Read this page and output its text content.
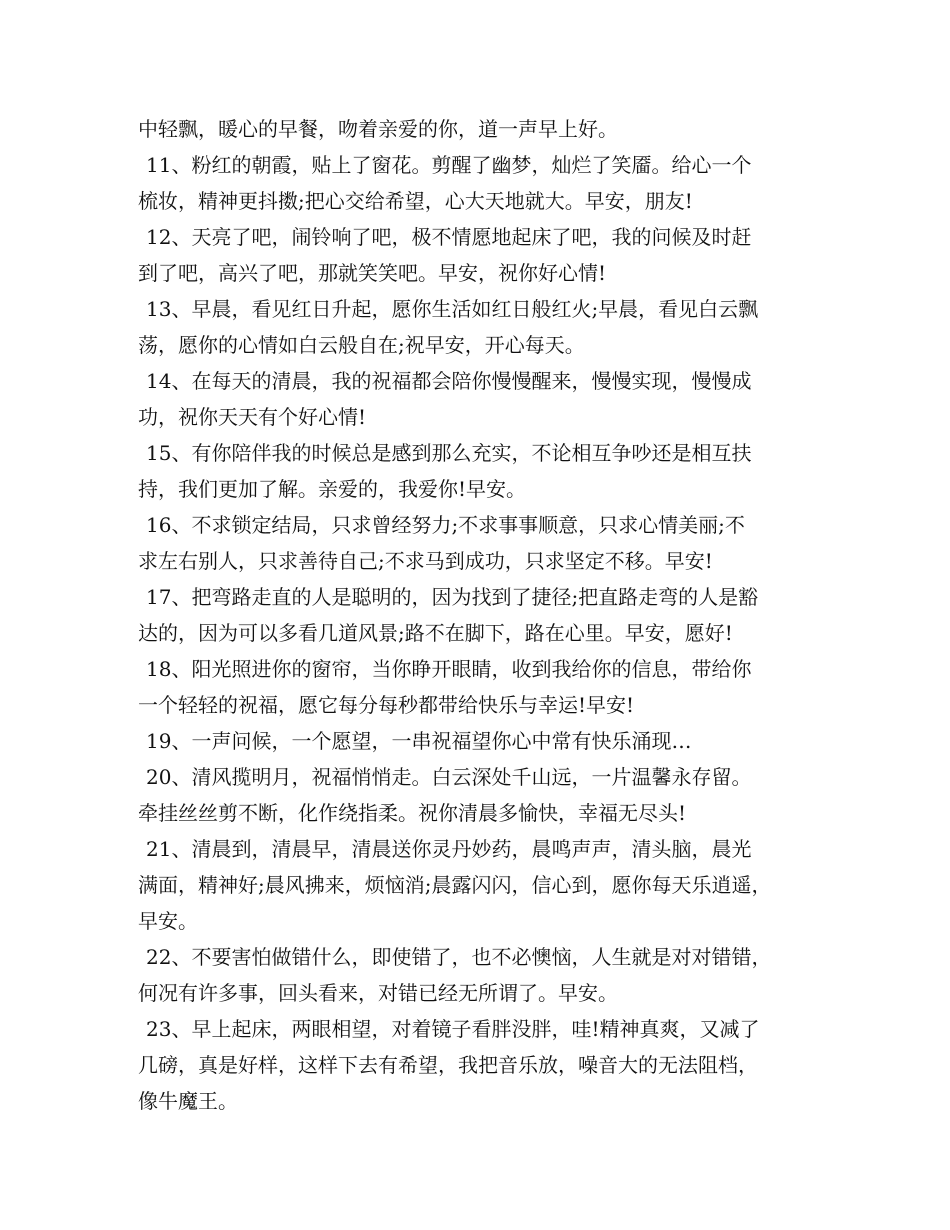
中轻飘，暖心的早餐，吻着亲爱的你，道一声早上好。
11、粉红的朝霞，贴上了窗花。剪醒了幽梦，灿烂了笑靥。给心一个
梳妆，精神更抖擞;把心交给希望，心大天地就大。早安，朋友!
12、天亮了吧，闹铃响了吧，极不情愿地起床了吧，我的问候及时赶
到了吧，高兴了吧，那就笑笑吧。早安，祝你好心情!
13、早晨，看见红日升起，愿你生活如红日般红火;早晨，看见白云飘
荡，愿你的心情如白云般自在;祝早安，开心每天。
14、在每天的清晨，我的祝福都会陪你慢慢醒来，慢慢实现，慢慢成
功，祝你天天有个好心情!
15、有你陪伴我的时候总是感到那么充实，不论相互争吵还是相互扶
持，我们更加了解。亲爱的，我爱你!早安。
16、不求锁定结局，只求曾经努力;不求事事顺意，只求心情美丽;不
求左右别人，只求善待自己;不求马到成功，只求坚定不移。早安!
17、把弯路走直的人是聪明的，因为找到了捷径;把直路走弯的人是豁
达的，因为可以多看几道风景;路不在脚下，路在心里。早安，愿好!
18、阳光照进你的窗帘，当你睁开眼睛，收到我给你的信息，带给你
一个轻轻的祝福，愿它每分每秒都带给快乐与幸运!早安!
19、一声问候，一个愿望，一串祝福望你心中常有快乐涌现…
20、清风揽明月，祝福悄悄走。白云深处千山远，一片温馨永存留。
牵挂丝丝剪不断，化作绕指柔。祝你清晨多愉快，幸福无尽头!
21、清晨到，清晨早，清晨送你灵丹妙药，晨鸣声声，清头脑，晨光
满面，精神好;晨风拂来，烦恼消;晨露闪闪，信心到，愿你每天乐逍遥，
早安。
22、不要害怕做错什么，即使错了，也不必懊恼，人生就是对对错错，
何况有许多事，回头看来，对错已经无所谓了。早安。
23、早上起床，两眼相望，对着镜子看胖没胖，哇!精神真爽，又减了
几磅，真是好样，这样下去有希望，我把音乐放，噪音大的无法阻档，
像牛魔王。
